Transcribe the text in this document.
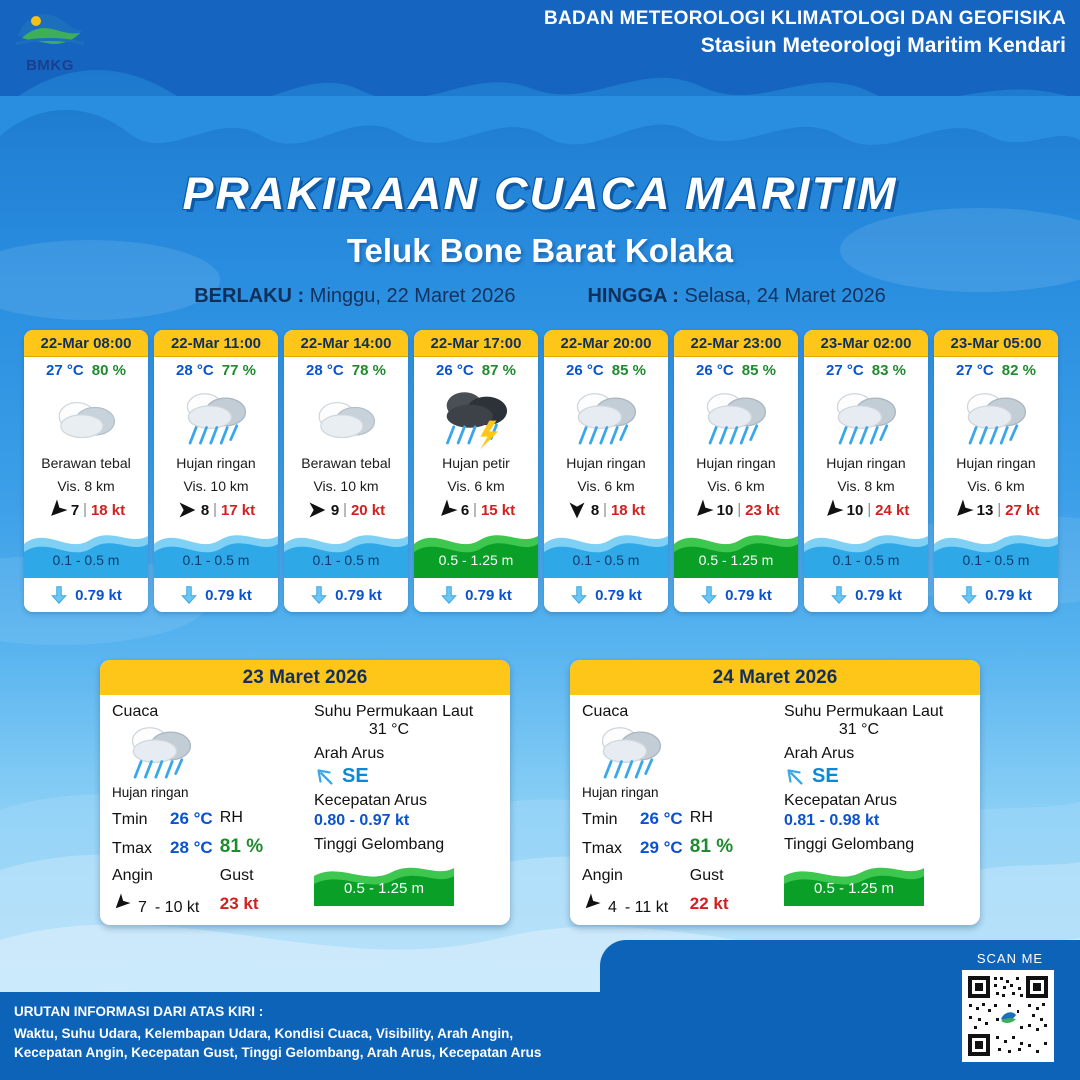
BMKG
BADAN METEOROLOGI KLIMATOLOGI DAN GEOFISIKA
Stasiun Meteorologi Maritim Kendari
PRAKIRAAN CUACA MARITIM
Teluk Bone Barat Kolaka
BERLAKU : Minggu, 22 Maret 2026	HINGGA : Selasa, 24 Maret 2026
22-Mar 08:00
27 °C 80 %
Berawan tebal
Vis. 8 km
7 | 18 kt
0.1 - 0.5 m
0.79 kt
22-Mar 11:00
28 °C 77 %
Hujan ringan
Vis. 10 km
8 | 17 kt
0.1 - 0.5 m
0.79 kt
22-Mar 14:00
28 °C 78 %
Berawan tebal
Vis. 10 km
9 | 20 kt
0.1 - 0.5 m
0.79 kt
22-Mar 17:00
26 °C 87 %
Hujan petir
Vis. 6 km
6 | 15 kt
0.5 - 1.25 m
0.79 kt
22-Mar 20:00
26 °C 85 %
Hujan ringan
Vis. 6 km
8 | 18 kt
0.1 - 0.5 m
0.79 kt
22-Mar 23:00
26 °C 85 %
Hujan ringan
Vis. 6 km
10 | 23 kt
0.5 - 1.25 m
0.79 kt
23-Mar 02:00
27 °C 83 %
Hujan ringan
Vis. 8 km
10 | 24 kt
0.1 - 0.5 m
0.79 kt
23-Mar 05:00
27 °C 82 %
Hujan ringan
Vis. 6 km
13 | 27 kt
0.1 - 0.5 m
0.79 kt
23 Maret 2026
Cuaca
Hujan ringan
Tmin	26 °C
Tmax	28 °C
RH
81 %
Angin
7 - 10 kt
Gust
23 kt
Suhu Permukaan Laut
31 °C
Arah Arus
SE
Kecepatan Arus
0.80 - 0.97 kt
Tinggi Gelombang
0.5 - 1.25 m
24 Maret 2026
Cuaca
Hujan ringan
Tmin	26 °C
Tmax	29 °C
RH
81 %
Angin
4 - 11 kt
Gust
22 kt
Suhu Permukaan Laut
31 °C
Arah Arus
SE
Kecepatan Arus
0.81 - 0.98 kt
Tinggi Gelombang
0.5 - 1.25 m
URUTAN INFORMASI DARI ATAS KIRI :
Waktu, Suhu Udara, Kelembapan Udara, Kondisi Cuaca, Visibility, Arah Angin,
Kecepatan Angin, Kecepatan Gust, Tinggi Gelombang, Arah Arus, Kecepatan Arus
SCAN ME
